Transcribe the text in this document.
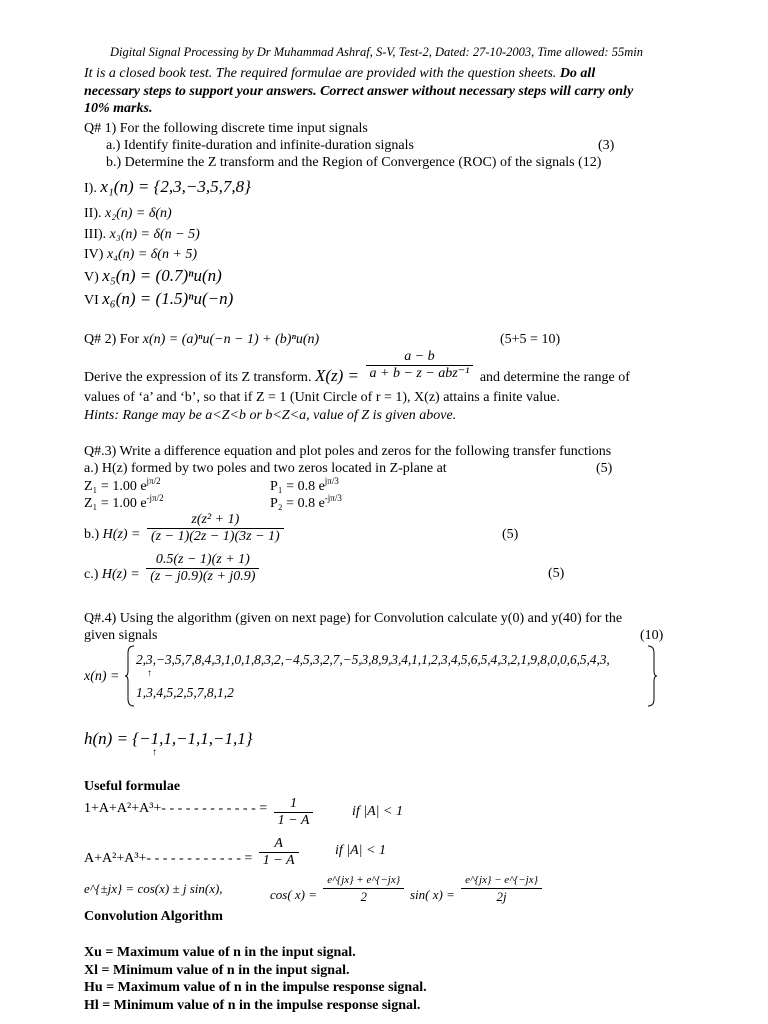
Digital Signal Processing by Dr Muhammad Ashraf, S-V, Test-2, Dated: 27-10-2003, Time allowed: 55min
It is a closed book test. The required formulae are provided with the question sheets. Do all
necessary steps to support your answers. Correct answer without necessary steps will carry only
10% marks.
Q# 1) For the following discrete time input signals
a.) Identify finite-duration and infinite-duration signals	(3)
b.) Determine the Z transform and the Region of Convergence (ROC) of the signals (12)
I). x₁(n) = {2,3,−3,5,7,8}
II). x₂(n) = δ(n)
III). x₃(n) = δ(n − 5)
IV) x₄(n) = δ(n + 5)
V) x₅(n) = (0.7)ⁿu(n)
VI x₆(n) = (1.5)ⁿu(−n)
Q# 2) For x(n) = (a)ⁿu(−n − 1) + (b)ⁿu(n)	(5+5 = 10)
Derive the expression of its Z transform. $X(z) = \frac{a - b}{\text{a + b − z − abz⁻¹}}$ and determine the range of
values of ‘a’ and ‘b’, so that if Z = 1 (Unit Circle of r = 1), X(z) attains a finite value.
Hints: Range may be a<Z<b or b<Z<a, value of Z is given above.
Q#.3) Write a difference equation and plot poles and zeros for the following transfer functions
a.) H(z) formed by two poles and two zeros located in Z-plane at	(5)
Z₁ = 1.00 $e^{j\pi/2}$	P₁ = 0.8 $e^{j\pi/3}$
Z₁ = 1.00 $e^{-j\pi/2}$	P₂ = 0.8 $e^{-j\pi/3}$
b.) $H(z) = \frac{\text{z(z² + 1)}}{(z - 1)(2z - 1)(3z - 1)}$	(5)
c.) $H(z) = \frac{0.5(z - 1)(z + 1)}{(z - j0.9)(z + j0.9)}$	(5)
Q#.4) Using the algorithm (given on next page) for Convolution calculate y(0) and y(40) for the
given signals	(10)
x(n) =
2,3,−3,5,7,8,4,3,1,0,1,8,3,2,−4,5,3,2,7,−5,3,8,9,3,4,1,1,2,3,4,5,6,5,4,3,2,1,9,8,0,0,6,5,4,3,
↑
1,3,4,5,2,5,7,8,1,2
h(n) = {−1,1,−1,1,−1,1}
↑
Useful formulae
1+A+A²+A³+- - - - - - - - - - - - = $\frac{1}{1 - A}$	if |A| < 1
A+A²+A³+- - - - - - - - - - - - = $\frac{A}{1 - A}$	if |A| < 1
e^{±jx} = cos(x) ± j sin(x),	cos( $x) = \frac{e\^{}\{jx\} + e\^{}\{-jx\}}{2} \sin$( $x) = \frac{e\^{}\{jx\} - e\^{}\{-jx\}}{2j}$
Convolution Algorithm
Xu = Maximum value of n in the input signal.
Xl = Minimum value of n in the input signal.
Hu = Maximum value of n in the impulse response signal.
Hl = Minimum value of n in the impulse response signal.
